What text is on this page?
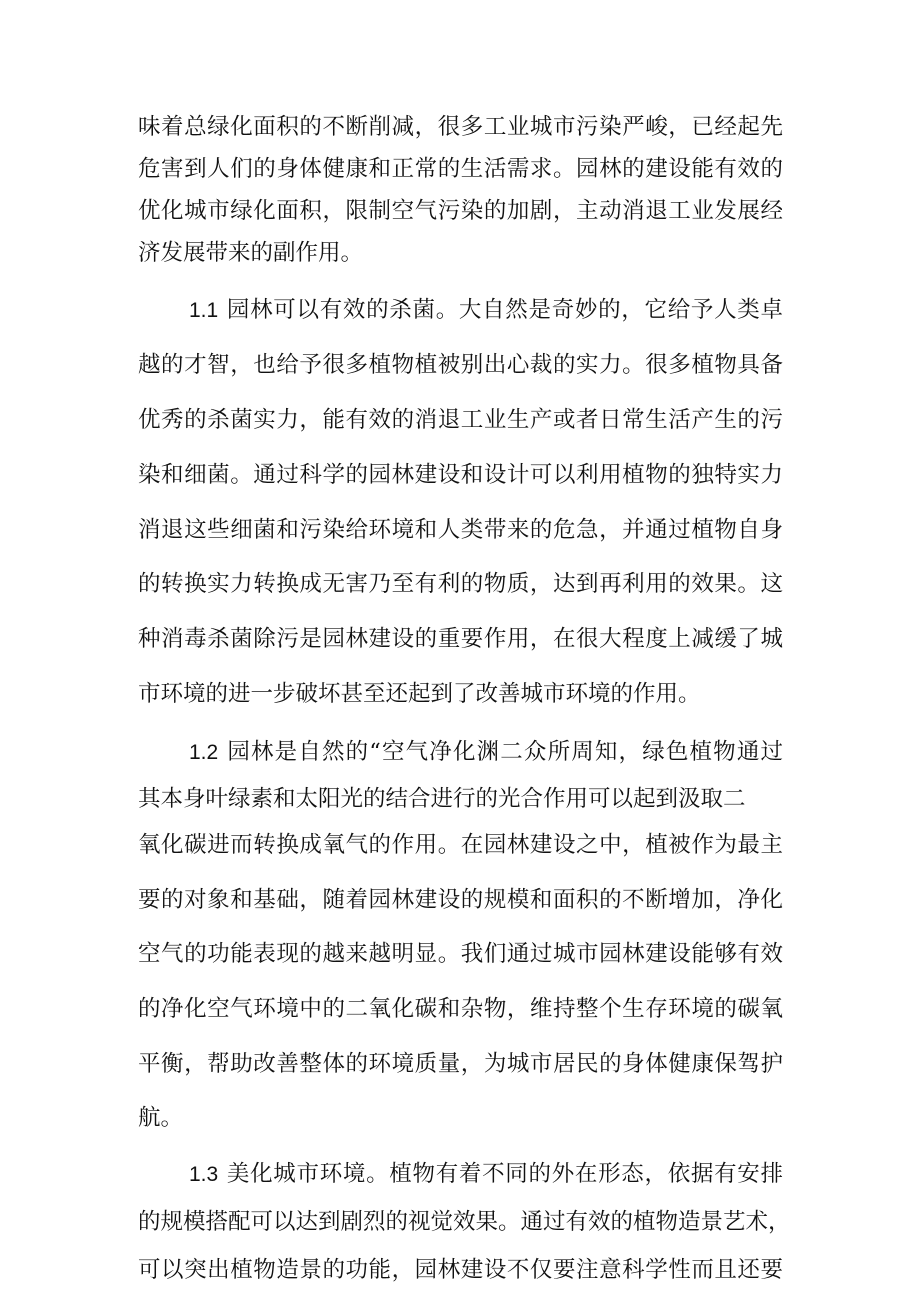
味着总绿化面积的不断削减，很多工业城市污染严峻，已经起先
危害到人们的身体健康和正常的生活需求。园林的建设能有效的
优化城市绿化面积，限制空气污染的加剧，主动消退工业发展经
济发展带来的副作用。
1.1 园林可以有效的杀菌。大自然是奇妙的，它给予人类卓
越的才智，也给予很多植物植被别出心裁的实力。很多植物具备
优秀的杀菌实力，能有效的消退工业生产或者日常生活产生的污
染和细菌。通过科学的园林建设和设计可以利用植物的独特实力
消退这些细菌和污染给环境和人类带来的危急，并通过植物自身
的转换实力转换成无害乃至有利的物质，达到再利用的效果。这
种消毒杀菌除污是园林建设的重要作用，在很大程度上减缓了城
市环境的进一步破坏甚至还起到了改善城市环境的作用。
1.2 园林是自然的“空气净化渊二众所周知，绿色植物通过
其本身叶绿素和太阳光的结合进行的光合作用可以起到汲取二
氧化碳进而转换成氧气的作用。在园林建设之中，植被作为最主
要的对象和基础，随着园林建设的规模和面积的不断增加，净化
空气的功能表现的越来越明显。我们通过城市园林建设能够有效
的净化空气环境中的二氧化碳和杂物，维持整个生存环境的碳氧
平衡，帮助改善整体的环境质量，为城市居民的身体健康保驾护
航。
1.3 美化城市环境。植物有着不同的外在形态，依据有安排
的规模搭配可以达到剧烈的视觉效果。通过有效的植物造景艺术，
可以突出植物造景的功能，园林建设不仅要注意科学性而且还要
